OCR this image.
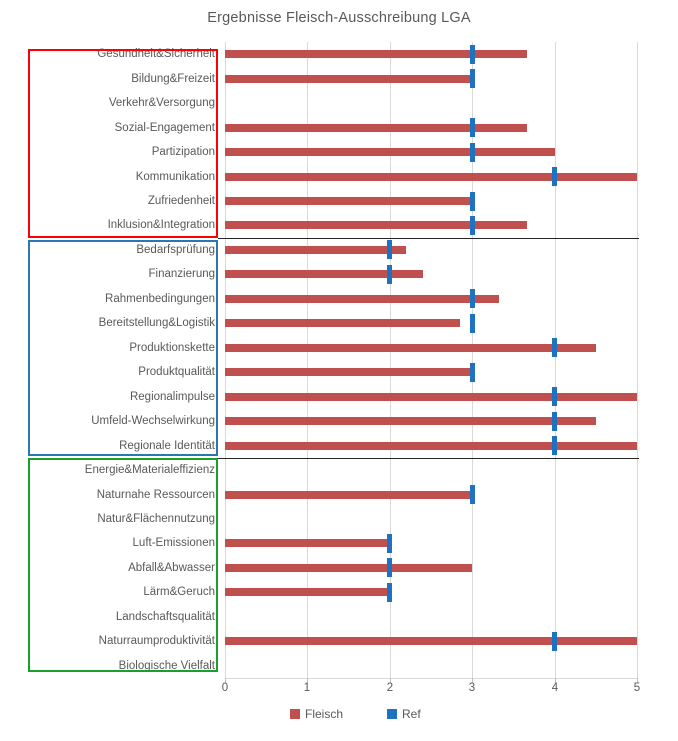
Ergebnisse Fleisch-Ausschreibung LGA
Gesundheit&Sicherheit
Bildung&Freizeit
Verkehr&Versorgung
Sozial-Engagement
Partizipation
Kommunikation
Zufriedenheit
Inklusion&Integration
Bedarfsprüfung
Finanzierung
Rahmenbedingungen
Bereitstellung&Logistik
Produktionskette
Produktqualität
Regionalimpulse
Umfeld-Wechselwirkung
Regionale Identität
Energie&Materialeffizienz
Naturnahe Ressourcen
Natur&Flächennutzung
Luft-Emissionen
Abfall&Abwasser
Lärm&Geruch
Landschaftsqualität
Naturraumproduktivität
Biologische Vielfalt
0	1	2	3	4	5
Fleisch	Ref
